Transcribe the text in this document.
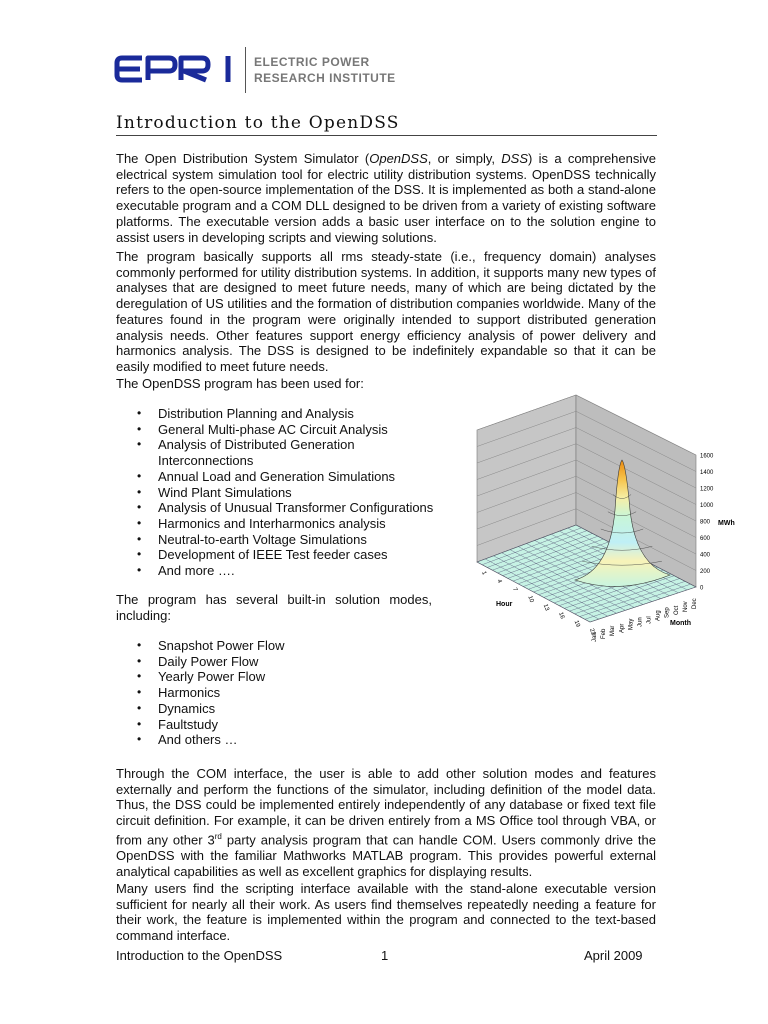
ELECTRIC POWER
RESEARCH INSTITUTE
Introduction to the OpenDSS
The Open Distribution System Simulator (OpenDSS, or simply, DSS) is a comprehensive electrical system simulation tool for electric utility distribution systems. OpenDSS technically refers to the open-source implementation of the DSS. It is implemented as both a stand-alone executable program and a COM DLL designed to be driven from a variety of existing software platforms. The executable version adds a basic user interface on to the solution engine to assist users in developing scripts and viewing solutions.
The program basically supports all rms steady-state (i.e., frequency domain) analyses commonly performed for utility distribution systems. In addition, it supports many new types of analyses that are designed to meet future needs, many of which are being dictated by the deregulation of US utilities and the formation of distribution companies worldwide. Many of the features found in the program were originally intended to support distributed generation analysis needs. Other features support energy efficiency analysis of power delivery and harmonics analysis. The DSS is designed to be indefinitely expandable so that it can be easily modified to meet future needs.
The OpenDSS program has been used for:
• Distribution Planning and Analysis
• General Multi-phase AC Circuit Analysis
• Analysis of Distributed Generation Interconnections
• Annual Load and Generation Simulations
• Wind Plant Simulations
• Analysis of Unusual Transformer Configurations
• Harmonics and Interharmonics analysis
• Neutral-to-earth Voltage Simulations
• Development of IEEE Test feeder cases
• And more ….
The program has several built-in solution modes, including:
• Snapshot Power Flow
• Daily Power Flow
• Yearly Power Flow
• Harmonics
• Dynamics
• Faultstudy
• And others …
Through the COM interface, the user is able to add other solution modes and features externally and perform the functions of the simulator, including definition of the model data. Thus, the DSS could be implemented entirely independently of any database or fixed text file circuit definition. For example, it can be driven entirely from a MS Office tool through VBA, or from any other 3rd party analysis program that can handle COM. Users commonly drive the OpenDSS with the familiar Mathworks MATLAB program. This provides powerful external analytical capabilities as well as excellent graphics for displaying results.
Many users find the scripting interface available with the stand-alone executable version sufficient for nearly all their work. As users find themselves repeatedly needing a feature for their work, the feature is implemented within the program and connected to the text-based command interface.
Introduction to the OpenDSS	1	April 2009
1600
1400
1200
1000
800
600
400
200
0
MWh
Hour
Month
1
4
7
10
13
16
19
22
Jan Feb Mar Apr May Jun Jul Aug Sep Oct Nov Dec
